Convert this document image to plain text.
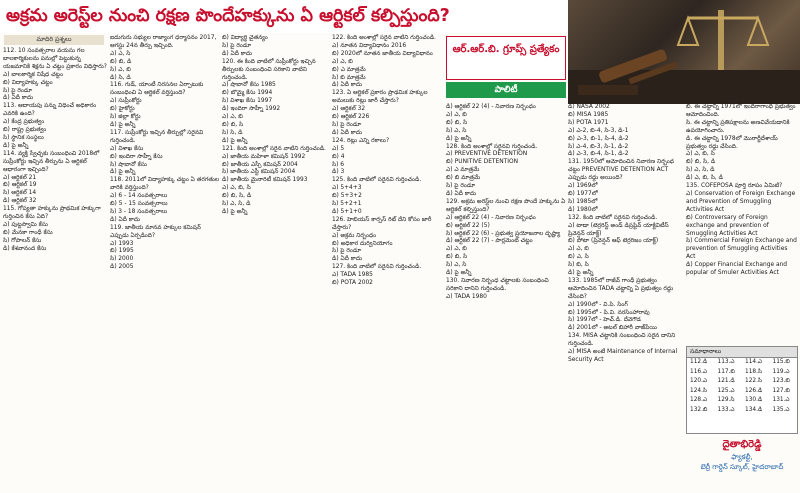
అక్రమ అరెస్ట్‌ల నుంచి రక్షణ పొందేహక్కును ఏ ఆర్టికల్ కల్పిస్తుంది?
మాదిరి ప్రశ్నలు
112. 10 సంవత్సరాల వయసు గల బాలకార్మికులను పనుల్లో పెట్టుకున్న యజమానికి శిక్షను ఏ చట్టం ప్రకారం విధిస్తారు?
ఎ) బాలకార్మిక నిషేధ చట్టం
బి) విద్యాహక్కు చట్టం
సి) పై రెండూ
డి) ఏదీ కాదు
113. ఆదాయపు పన్ను విధించే అధికారం ఎవరికి ఉంది?
ఎ) కేంద్ర ప్రభుత్వం
బి) రాష్ట్ర ప్రభుత్వం
సి) స్థానిక సంస్థలు
డి) పై అన్నీ
114. వ్యక్తి స్వేచ్ఛకు సంబంధించి 2018లో సుప్రీంకోర్టు ఇచ్చిన తీర్పును ఏ ఆర్టికల్ ఆధారంగా ఇచ్చింది?
ఎ) ఆర్టికల్ 21
బి) ఆర్టికల్ 19
సి) ఆర్టికల్ 14
డి) ఆర్టికల్ 32
115. గోప్యతా హక్కును ప్రాథమిక హక్కుగా గుర్తించిన కేసు ఏది?
ఎ) పుట్టస్వామి కేసు
బి) మేనకా గాంధీ కేసు
సి) గోపాలన్ కేసు
డి) కేశవానంద కేసు
ఐదుగురు సభ్యుల రాజ్యాంగ ధర్మాసనం 2017, ఆగస్టు 24న తీర్పు ఇచ్చింది.
ఎ) ఎ, సి
బి) బి, డి
సి) ఎ, బి
డి) సి, డి
116. గుడ్, యాంటీ నిరసనల ఏర్పాటుకు సంబంధించి ఏ ఆర్టికల్ వర్తిస్తుంది?
ఎ) సుప్రీంకోర్టు
బి) హైకోర్టు
సి) జిల్లా కోర్టు
డి) పై అన్నీ
117. సుప్రీంకోర్టు ఇచ్చిన తీర్పుల్లో సరైనవి గుర్తించండి.
ఎ) విశాఖ కేసు
బి) ఇందిరా సాహ్నీ కేసు
సి) షాబానో కేసు
డి) పై అన్నీ
118. 2011లో విద్యాహక్కు చట్టం ఏ తరగతుల వారికి వర్తిస్తుంది?
ఎ) 6 - 14 సంవత్సరాలు
బి) 5 - 15 సంవత్సరాలు
సి) 3 - 18 సంవత్సరాలు
డి) ఏదీ కాదు
119. జాతీయ మానవ హక్కుల కమిషన్ ఎప్పుడు ఏర్పడింది?
ఎ) 1993
బి) 1995
సి) 2000
డి) 2005
బి) విద్యార్థి చైతన్యం
సి) పై రెండూ
డి) ఏదీ కాదు
120. ఈ కింది వాటిలో సుప్రీంకోర్టు ఇచ్చిన తీర్పులకు సంబంధించి సరికాని వాటిని గుర్తించండి.
ఎ) షాబానో కేసు 1985
బి) బొమ్మై కేసు 1994
సి) విశాఖ కేసు 1997
డి) ఇందిరా సాహ్నీ 1992
ఎ) ఎ, బి
బి) బి, సి
సి) సి, డి
డి) పై అన్నీ
121. కింది అంశాల్లో సరైన వాటిని గుర్తించండి.
ఎ) జాతీయ మహిళా కమిషన్ 1992
బి) జాతీయ ఎస్సీ కమిషన్ 2004
సి) జాతీయ ఎస్టీ కమిషన్ 2004
డి) జాతీయ మైనారిటీ కమిషన్ 1993
ఎ) ఎ, బి, సి
బి) బి, సి, డి
సి) ఎ, సి, డి
డి) పై అన్నీ
122. కింది అంశాల్లో సరైన వాటిని గుర్తించండి.
ఎ) నూతన విద్యావిధానం 2016
బి) 2020లో నూతన జాతీయ విద్యావిధానం
ఎ) ఎ, బి
బి) ఎ మాత్రమే
సి) బి మాత్రమే
డి) ఏదీ కాదు
123. ఏ ఆర్టికల్ ప్రకారం ప్రాథమిక హక్కుల అమలుకు రిట్లు జారీ చేస్తారు?
ఎ) ఆర్టికల్ 32
బి) ఆర్టికల్ 226
సి) పై రెండూ
డి) ఏదీ కాదు
124. రిట్లు ఎన్ని రకాలు?
ఎ) 5
బి) 4
సి) 6
డి) 3
125. కింది వాటిలో సరైనవి గుర్తించండి.
ఎ) 5+4+3
బి) 5+3+2
సి) 5+2+1
డి) 5+1+0
126. హెబియస్ కార్పస్ రిట్ దేని కోసం జారీ చేస్తారు?
ఎ) అక్రమ నిర్బంధం
బి) అధికార దుర్వినియోగం
సి) పై రెండూ
డి) ఏదీ కాదు
127. కింది వాటిలో సరైనవి గుర్తించండి.
ఎ) TADA 1985
బి) POTA 2002
ఆర్.ఆర్.బి. గ్రూప్స్ ప్రత్యేకం
పాలిటీ
డి) ఆర్టికల్ 22 (4) - నివారణ నిర్బంధం
ఎ) ఎ, బి
బి) బి, సి
సి) ఎ, సి
డి) పై అన్నీ
128. కింది అంశాల్లో సరైనవి గుర్తించండి.
ఎ) PREVENTIVE DETENTION
బి) PUNITIVE DETENTION
ఎ) ఎ మాత్రమే
బి) బి మాత్రమే
సి) పై రెండూ
డి) ఏదీ కాదు
129. అక్రమ అరెస్ట్‌ల నుంచి రక్షణ పొందే హక్కును ఏ ఆర్టికల్ కల్పిస్తుంది?
ఎ) ఆర్టికల్ 22 (4) - నివారణ నిర్బంధం
బి) ఆర్టికల్ 22 (5)
సి) ఆర్టికల్ 22 (6) - ప్రభుత్వ ప్రయోజనాల దృష్ట్యా
డి) ఆర్టికల్ 22 (7) - పార్లమెంట్ చట్టం
ఎ) ఎ, బి
బి) బి, సి
సి) ఎ, సి
డి) పై అన్నీ
130. నివారణ నిర్బంధ చట్టాలకు సంబంధించి సరికాని దానిని గుర్తించండి.
ఎ) TADA 1980
డి) NASA 2002
బి) MISA 1985
సి) POTA 1971
ఎ) ఎ-2, బి-4, సి-3, డి-1
బి) ఎ-3, బి-1, సి-4, డి-2
సి) ఎ-4, బి-3, సి-1, డి-2
డి) ఎ-3, బి-4, సి-1, డి-2
131. 1950లో ఆమోదించిన నివారణ నిర్బంధ చట్టం PREVENTIVE DETENTION ACT ఎప్పుడు రద్దు అయింది?
ఎ) 1969లో
బి) 1977లో
సి) 1985లో
డి) 1980లో
132. కింది వాటిలో సరైనవి గుర్తించండి.
ఎ) టాడా (టెర్రరిస్ట్ అండ్ డిస్రప్టివ్ యాక్టివిటీస్ ప్రివెన్షన్ యాక్ట్)
బి) పోటా (ప్రివెన్షన్ ఆఫ్ టెర్రరిజం యాక్ట్)
ఎ) ఎ, బి
బి) ఎ, సి
సి) బి, సి
డి) పై అన్నీ
133. 1985లో రాజీవ్ గాంధీ ప్రభుత్వం ఆమోదించిన TADA చట్టాన్ని ఏ ప్రభుత్వం రద్దు చేసింది?
ఎ) 1990లో - వి.పి. సింగ్
బి) 1995లో - పి.వి. నరసింహారావు
సి) 1997లో - హెచ్.డి. దేవెగౌడ
డి) 2001లో - అటల్ బిహారీ వాజ్‌పేయి
134. MISA చట్టానికి సంబంధించి సరైన దానిని గుర్తించండి.
ఎ) MISA అంటే Maintenance of Internal Security Act
బి. ఈ చట్టాన్ని 1971లో ఇందిరాగాంధీ ప్రభుత్వం ఆమోదించింది.
సి. ఈ చట్టాన్ని ప్రతిపక్షాలను అణచివేయడానికి ఉపయోగించారు.
డి. ఈ చట్టాన్ని 1978లో మొరార్జీదేశాయ్ ప్రభుత్వం రద్దు చేసింది.
ఎ) ఎ, బి, సి
బి) బి, సి, డి
సి) ఎ, సి, డి
డి) ఎ, బి, సి, డి
135. COFEPOSA పూర్తి రూపం ఏమిటి?
ఎ) Conservation of Foreign Exchange and Prevention of Smuggling Activities Act
బి) Controversary of Foreign exchange and prevention of Smuggling Activities Act
సి) Commercial Foreign Exchange and prevention of Smuggling Activities Act
డి) Copper Financial Exchange and popular of Smuler Activities Act
సమాధానాలు
112.డి	113.ఎ	114.ఎ	115.బి
116.ఎ	117.బి	118.సి	119.ఎ
120.ఎ	121.డి	122.సి	123.బి
124.సి	125.ఎ	126.డి	127.బి
128.ఎ	129.సి	130.డి	131.ఎ
132.బి	133.ఎ	134.డి	135.ఎ
దైతాభిరెడ్డి
ఫ్యాకల్టీ,
బెర్రీ గార్డెన్ స్కూల్, హైదరాబాద్
